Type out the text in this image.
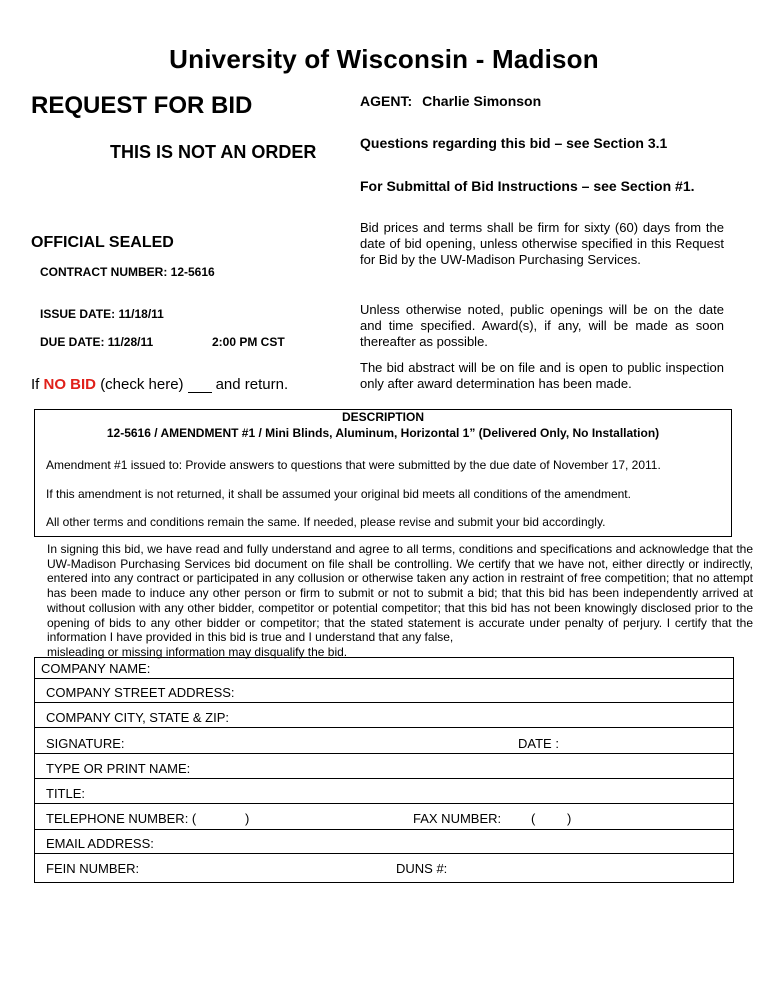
University of Wisconsin - Madison
REQUEST FOR BID
THIS IS NOT AN ORDER
AGENT: Charlie Simonson
Questions regarding this bid – see Section 3.1
For Submittal of Bid Instructions – see Section #1.
Bid prices and terms shall be firm for sixty (60) days from the date of bid opening, unless otherwise specified in this Request for Bid by the UW-Madison Purchasing Services.
Unless otherwise noted, public openings will be on the date and time specified. Award(s), if any, will be made as soon thereafter as possible.
The bid abstract will be on file and is open to public inspection only after award determination has been made.
OFFICIAL SEALED
CONTRACT NUMBER: 12-5616
ISSUE DATE: 11/18/11
DUE DATE: 11/28/11	2:00 PM CST
If NO BID (check here) and return.
DESCRIPTION
12-5616 / AMENDMENT #1 / Mini Blinds, Aluminum, Horizontal 1” (Delivered Only, No Installation)
Amendment #1 issued to: Provide answers to questions that were submitted by the due date of November 17, 2011.
If this amendment is not returned, it shall be assumed your original bid meets all conditions of the amendment.
All other terms and conditions remain the same. If needed, please revise and submit your bid accordingly.
In signing this bid, we have read and fully understand and agree to all terms, conditions and specifications and acknowledge that the UW-Madison Purchasing Services bid document on file shall be controlling. We certify that we have not, either directly or indirectly, entered into any contract or participated in any collusion or otherwise taken any action in restraint of free competition; that no attempt has been made to induce any other person or firm to submit or not to submit a bid; that this bid has been independently arrived at without collusion with any other bidder, competitor or potential competitor; that this bid has not been knowingly disclosed prior to the opening of bids to any other bidder or competitor; that the stated statement is accurate under penalty of perjury. I certify that the information I have provided in this bid is true and I understand that any false,
misleading or missing information may disqualify the bid.
COMPANY NAME:
COMPANY STREET ADDRESS:
COMPANY CITY, STATE & ZIP:
SIGNATURE:	DATE :
TYPE OR PRINT NAME:
TITLE:
TELEPHONE NUMBER: (	)	FAX NUMBER: ( )
EMAIL ADDRESS:
FEIN NUMBER:	DUNS #:
